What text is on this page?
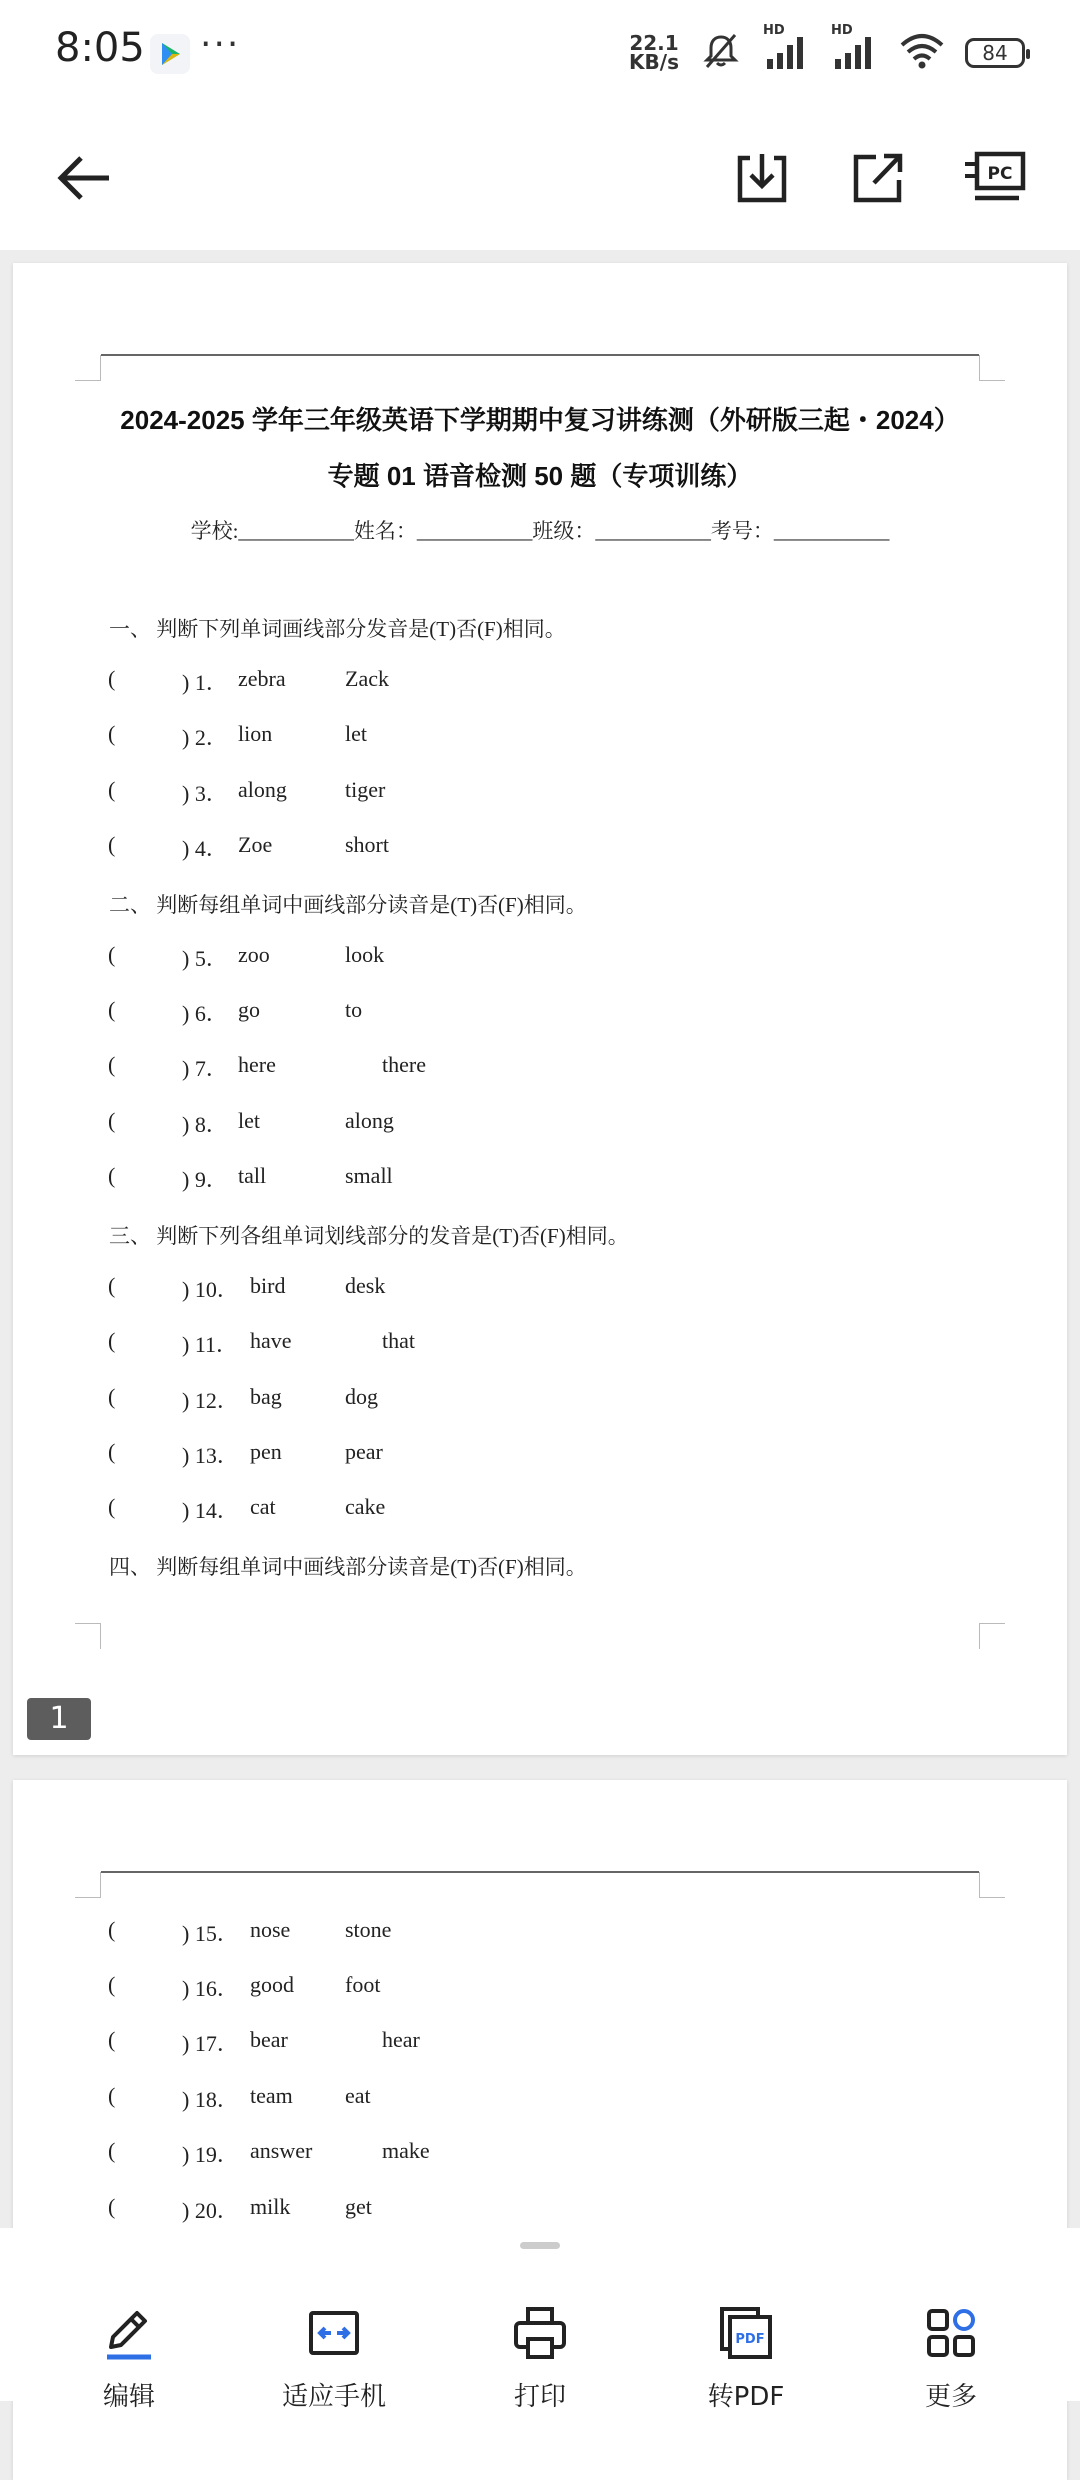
8:05 ···	22.1
KB/s
HD	HD
84
PC
2024-2025 学年三年级英语下学期期中复习讲练测（外研版三起・2024）
专题 01 语音检测 50 题（专项训练）
学校:___________姓名：___________班级：___________考号：___________
一、 判断下列单词画线部分发音是(T)否(F)相同。
(	) 1． zebra	Zack
(	) 2． lion	let
(	) 3． along	tiger
(	) 4． Zoe	short
二、 判断每组单词中画线部分读音是(T)否(F)相同。
(	) 5． zoo	look
(	) 6． go	to
(	) 7． here	there
(	) 8． let	along
(	) 9． tall	small
三、 判断下列各组单词划线部分的发音是(T)否(F)相同。
(	) 10． bird	desk
(	) 11． have	that
(	) 12． bag	dog
(	) 13． pen	pear
(	) 14． cat	cake
四、 判断每组单词中画线部分读音是(T)否(F)相同。
1
(	) 15． nose stone
(	) 16． good foot
(	) 17． bear	hear
(	) 18． team eat
(	) 19． answer	make
(	) 20． milk get
编辑	适应手机	打印
PDF
转PDF	更多
